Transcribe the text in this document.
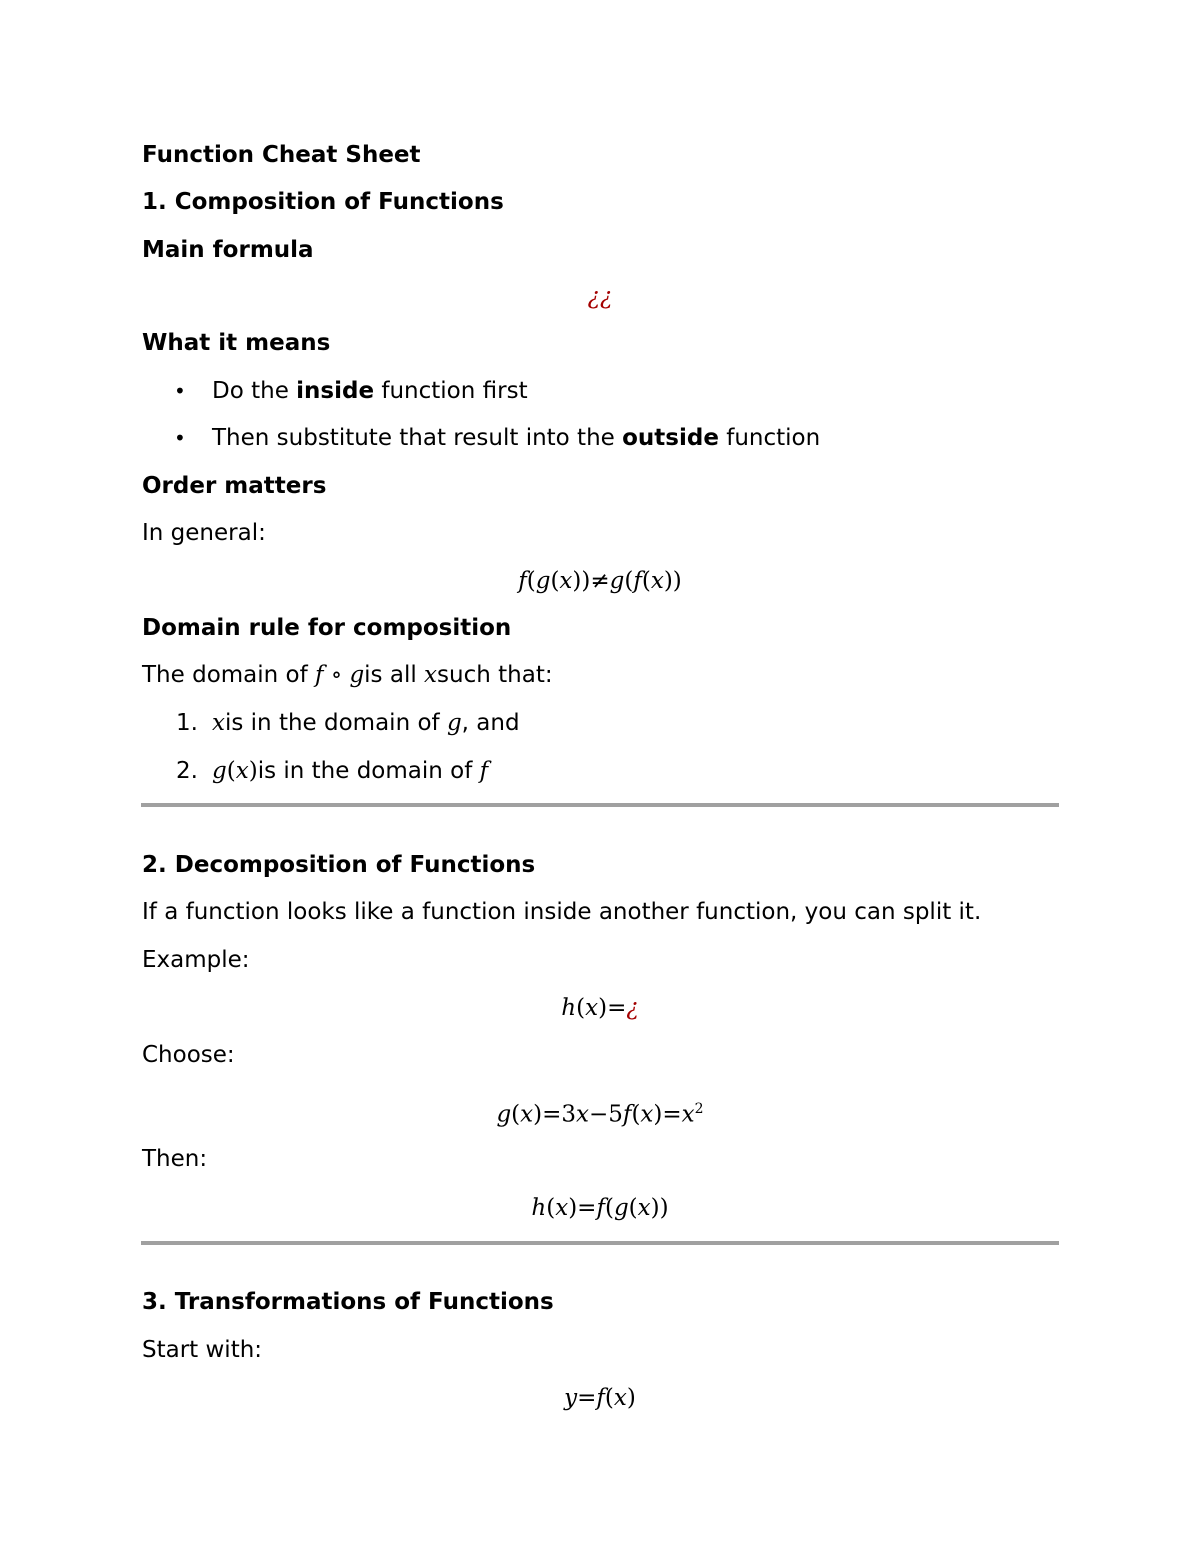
Function Cheat Sheet
1. Composition of Functions
Main formula
¿¿
What it means
• Do the inside function first
• Then substitute that result into the outside function
Order matters
In general:
f(g(x))≠g(f(x))
Domain rule for composition
The domain of f ∘ gis all xsuch that:
1. xis in the domain of g, and
2. g(x)is in the domain of f
2. Decomposition of Functions
If a function looks like a function inside another function, you can split it.
Example:
h(x)=¿
Choose:
$g(x)=3x-5f(x)=x^2$
Then:
h(x)=f(g(x))
3. Transformations of Functions
Start with:
y=f(x)
